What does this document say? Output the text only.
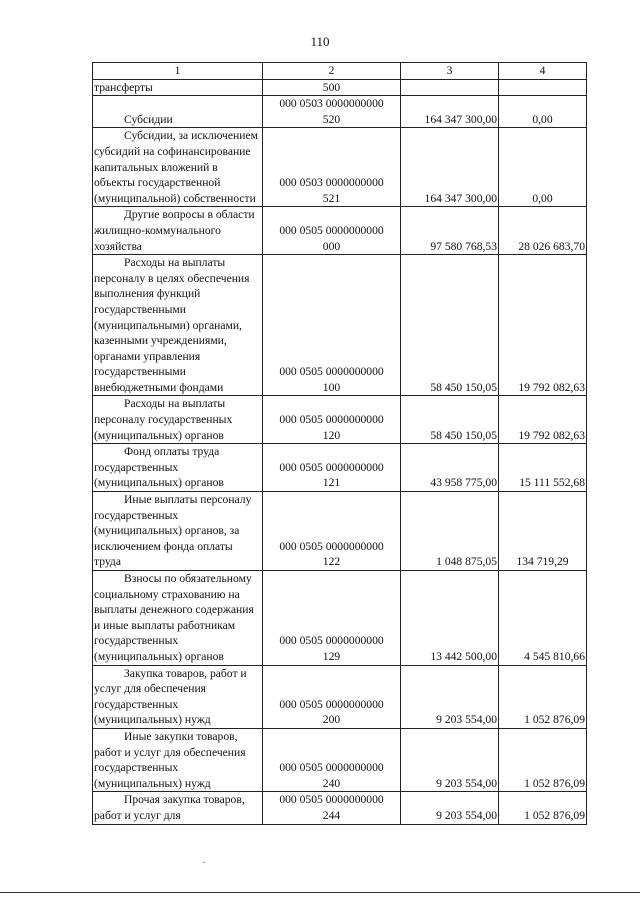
110
1	2	3	4

трансферты	500		

Субсидии	000 0503 0000000000 520	164 347 300,00	0,00

Субсидии, за исключением субсидий на софинансирование капитальных вложений в объекты государственной (муниципальной) собственности	000 0503 0000000000 521	164 347 300,00	0,00

Другие вопросы в области жилищно-коммунального хозяйства	000 0505 0000000000 000	97 580 768,53	28 026 683,70

Расходы на выплаты персоналу в целях обеспечения выполнения функций государственными (муниципальными) органами, казенными учреждениями, органами управления государственными внебюджетными фондами	000 0505 0000000000 100	58 450 150,05	19 792 082,63

Расходы на выплаты персоналу государственных (муниципальных) органов	000 0505 0000000000 120	58 450 150,05	19 792 082,63

Фонд оплаты труда государственных (муниципальных) органов	000 0505 0000000000 121	43 958 775,00	15 111 552,68

Иные выплаты персоналу государственных (муниципальных) органов, за исключением фонда оплаты труда	000 0505 0000000000 122	1 048 875,05	134 719,29

Взносы по обязательному социальному страхованию на выплаты денежного содержания и иные выплаты работникам государственных (муниципальных) органов	000 0505 0000000000 129	13 442 500,00	4 545 810,66

Закупка товаров, работ и услуг для обеспечения государственных (муниципальных) нужд	000 0505 0000000000 200	9 203 554,00	1 052 876,09

Иные закупки товаров, работ и услуг для обеспечения государственных (муниципальных) нужд	000 0505 0000000000 240	9 203 554,00	1 052 876,09

Прочая закупка товаров, работ и услуг для	000 0505 0000000000 244	9 203 554,00	1 052 876,09
